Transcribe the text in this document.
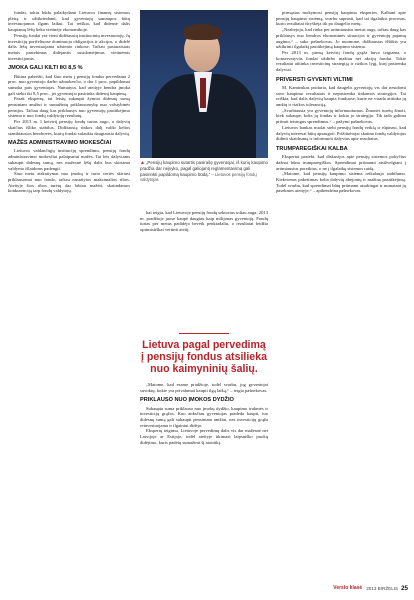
fondai, tokiu būdu palaikydami Lietuvos finansų sistemos plėtrą ir užtikrindami, kad gyventojų santaupos būtų investuojamos ilgam laikui. Tai reiškia, kad didesnė dalis kaupiamų lėšų lieka vietinėje ekonomikoje.

Pensijų fondai yra vieni didžiausių institucinių investuotojų. Jų investicijų portfeliuose dominuoja obligacijos ir akcijos, o didelė dalis lėšų investuojama užsienio rinkose. Tačiau pastaraisiais metais pastebimas didėjantis susidomėjimas vietinėmis investicijomis.

JMOKA GALI KILTI IKI 8,5 %

Būtina pabrėžti, kad šiuo metu į pensijų fondus pervedama 2 proc. nuo gyventojo darbo užmokesčio, o dar 1 proc. papildomai sumoka pats gyventojas. Numatyta, kad ateityje bendra įmoka gali siekti iki 8,5 proc., jei gyventojai pasirinks didesnį kaupimą.

Pasak ekspertų, tai leistų sukaupti žymiai didesnę sumą pensiniam amžiui ir sumažintų priklausomybę nuo valstybinės pensijos. Tačiau daug kas priklausys nuo gyventojų pasitikėjimo sistema ir nuo fondų valdytojų rezultatų.

Per 2013 m. I ketvirtį pensijų fondų turtas augo, o dalyvių skaičius išliko stabilus. Didžiausią rinkos dalį valdo kelios stambiausios bendrovės, kurių fondai sulaukia daugiausia dalyvių.

MAŽĖS ADMINISTRAVIMO MOKESČIAI

Lietuvos valdančiųjų institucijų sprendimu, pensijų fondų administravimo mokesčiai palaipsniui mažės. Tai leis dalyviams sukaupti didesnę sumą, nes mažesnė lėšų dalis bus skiriama valdymo išlaidoms padengti.

Šiuo metu atskaitymai nuo įmokų ir turto vertės skiriasi priklausomai nuo fondo, tačiau nustatytos maksimalios ribos. Ateityje šios ribos turėtų dar labiau mažėti, skatindamos konkurenciją tarp fondų valdytojų.

▲„Pensijų kaupimo sutartis pasirašę gyventojai, iš kurių kaupimo pradžia dar neįvyko, pagal galiojantį reglamentavimą gali pasirinkti papildomą kaupimo būdą.“ – Lietuvos pensijų fondų valdytojas

kai teigia, kad Lietuvoje pensijų fondų sektorius toliau auga: 2013 m. pradžioje juose kaupė daugiau kaip milijonas gyventojų. Fondų turtas per metus padidėjo beveik penktadaliu, o rezultatai leidžia optimistiškai vertinti ateitį.

Lietuva pagal pervedimą į pensijų fondus atsilieka nuo kaimyninių šalių.

„Matome, kad esame pradžioje, todėl svarbu, jog gyventojai suvoktų, kokie yra privalumai kaupti ilgą laiką,“ – teigia pašnekovas.

PRIKLAUSO NUO ĮMOKOS DYDŽIO

Sukaupta suma priklauso nuo įmokų dydžio, kaupimo trukmės ir investicijų grąžos. Kuo anksčiau gyventojas pradeda kaupti, tuo didesnę sumą gali sukaupti pensiniam amžiui, nes investicijų grąža reinvestuojama ir ilgainiui didėja.

Ekspertų teigimu, Lietuvoje pervedimų dalis vis dar mažesnė nei Latvijoje ar Estijoje, todėl ateityje tikimasi laipsniško įmokų didėjimo, kuris padėtų sumažinti šį atotrūkį.

pirmąsias mokymosi pensijų kaupimo ekspertes. Kalbant apie pensijų kaupimo sistemą, svarbu suprasti, kad tai ilgalaikis procesas, kurio rezultatai išryškėja tik po daugelio metų.

„Neabejoju, kad rinka per artimiausius metus augs, tačiau daug kas priklausys nuo bendros ekonominės situacijos ir gyventojų pajamų augimo,“ – sako pašnekovas. Jo nuomone, didžiausias iššūkis yra užtikrinti ilgalaikį pasitikėjimą kaupimo sistema.

Per 2013 m. pirmą ketvirtį fondų grąža buvo teigiama, o konservatyvūs fondai uždirbo mažiau nei akcijų fondai. Tokie rezultatai atitinka investicinę strategiją ir rizikos lygį, kurį pasirenka dalyviai.

PRIVERSTI GYVENTI VILTIMI

M. Kaminskas priduria, kad daugelis gyventojų vis dar nesidomi savo kaupimo rezultatais ir nepasirenka tinkamos strategijos. Tai reiškia, kad dalis dalyvių kaupia fonduose, kurie ne visada atitinka jų amžių ir rizikos toleranciją.

„Svarbiausia yra gyventojų informuotumas. Žmonės turėtų žinoti, kiek sukaupė, koks jų fondas ir kokia jo strategija. Tik tada galima priimti teisingus sprendimus,“ – pažymi pašnekovas.

Lietuvos bankas nuolat stebi pensijų fondų veiklą ir rūpinasi, kad dalyvių interesai būtų apsaugoti. Prižiūrėtojai skatina fondų valdytojus didinti skaidrumą ir informuoti dalyvius apie rezultatus.

TRUMPAREGIŠKAI KALBA

Ekspertai pastebi, kad diskusijos apie pensijų sistemos pokyčius dažnai būna trumparegiškos. Sprendimai priimami atsižvelgiant į artimiausius poreikius, o ne į ilgalaikę sistemos raidą.

„Matome, kad pensijų kaupimo sistema reikalauja stabilumo. Kiekvienas pakeitimas kelia dalyvių abejonių ir mažina pasitikėjimą. Todėl svarbu, kad sprendimai būtų priimami atsakingai ir numatant jų pasekmes ateityje,“ – apibendrina pašnekovas.

Verslo klasė 2013 BIRŽELIS 25
